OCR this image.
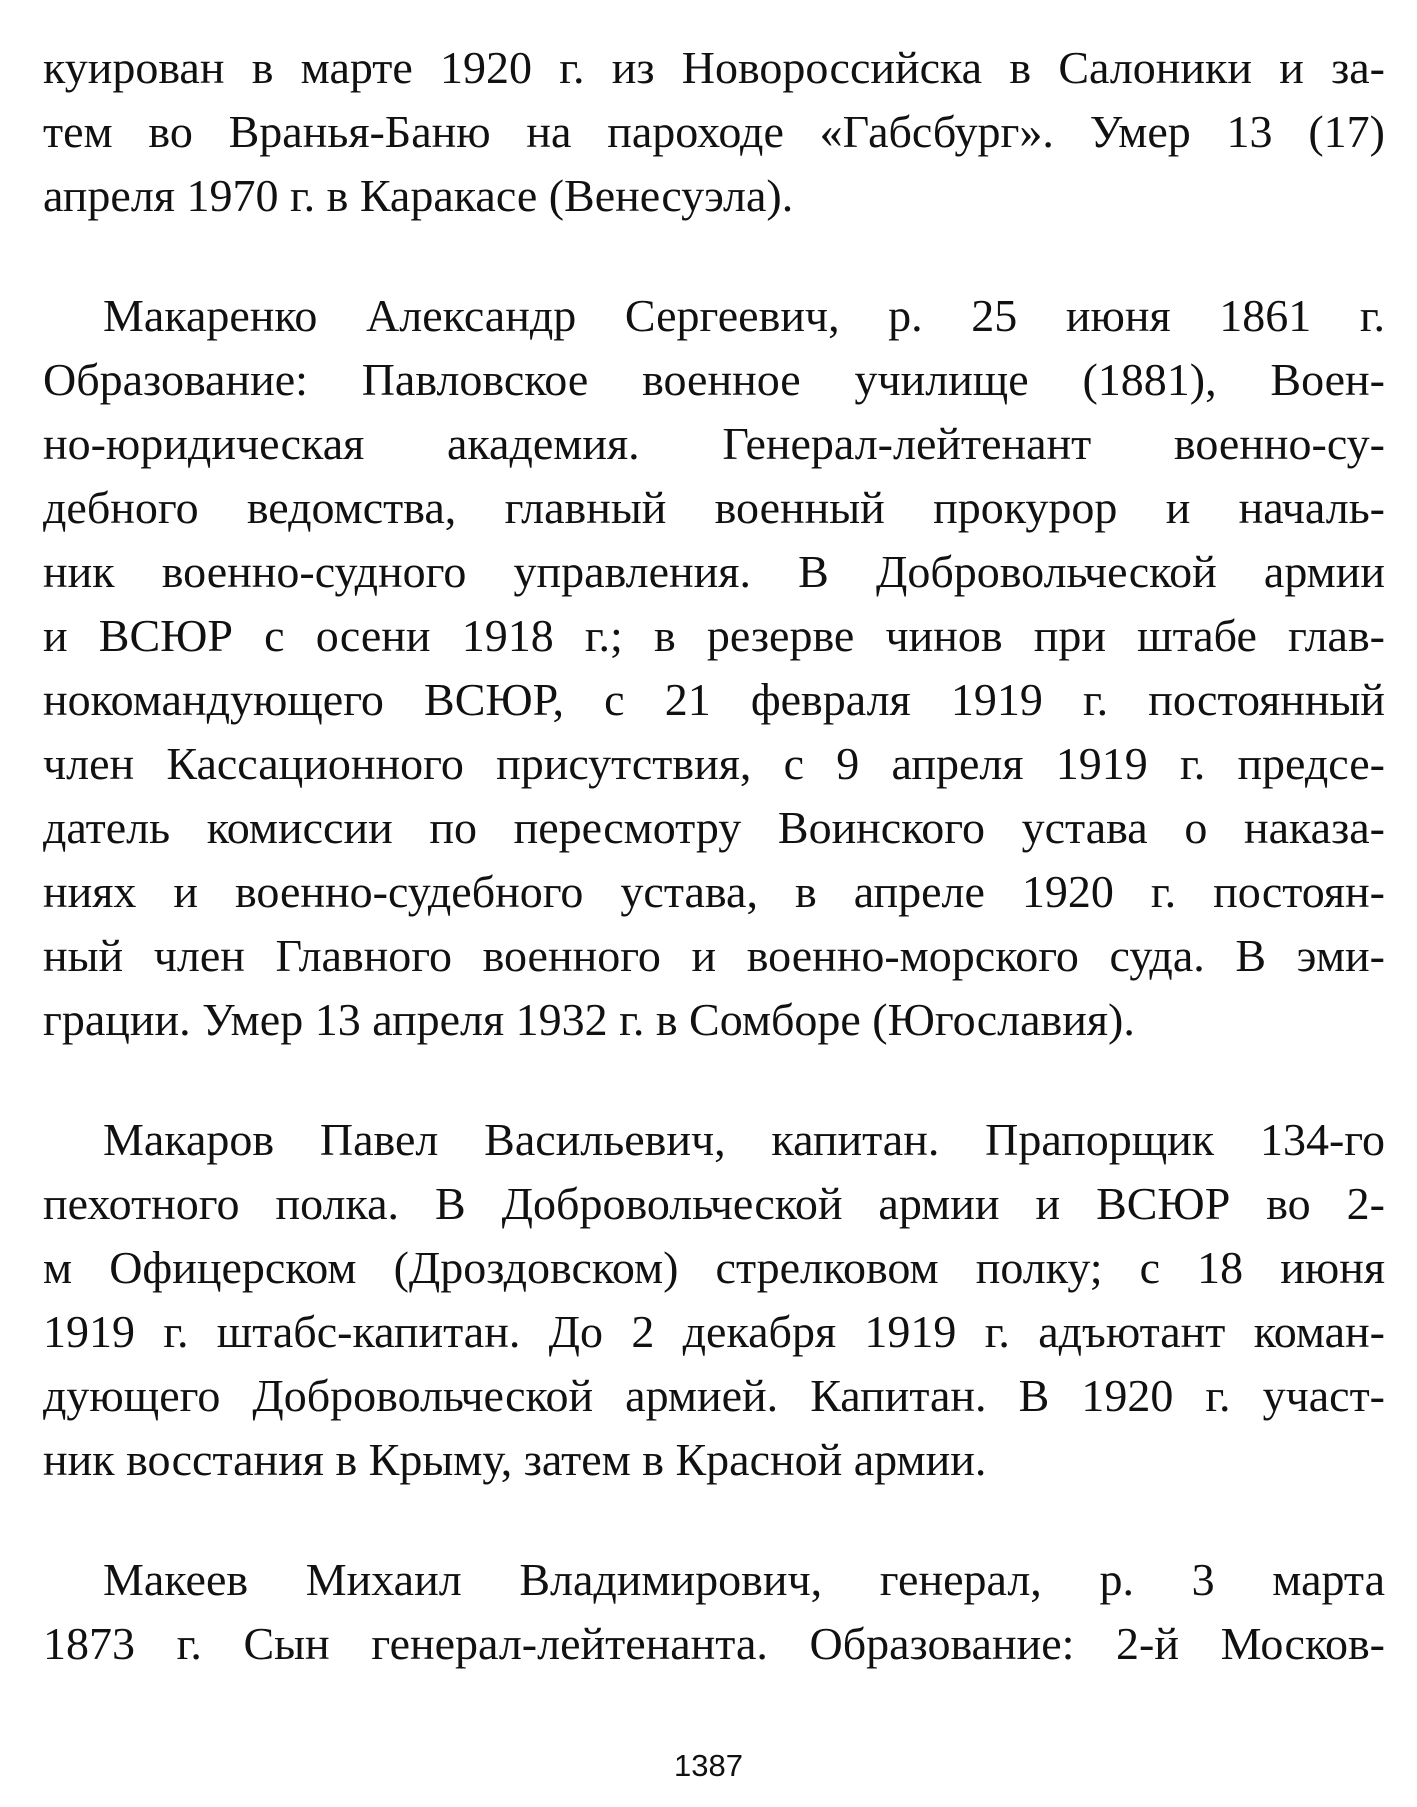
куирован в марте 1920 г. из Новороссийска в Салоники и за-
тем во Вранья-Баню на пароходе «Габсбург». Умер 13 (17)
апреля 1970 г. в Каракасе (Венесуэла).

Макаренко Александр Сергеевич, р. 25 июня 1861 г.
Образование: Павловское военное училище (1881), Воен-
но-юридическая академия. Генерал-лейтенант военно-су-
дебного ведомства, главный военный прокурор и началь-
ник военно-судного управления. В Добровольческой армии
и ВСЮР с осени 1918 г.; в резерве чинов при штабе глав-
нокомандующего ВСЮР, с 21 февраля 1919 г. постоянный
член Кассационного присутствия, с 9 апреля 1919 г. предсе-
датель комиссии по пересмотру Воинского устава о наказа-
ниях и военно-судебного устава, в апреле 1920 г. постоян-
ный член Главного военного и военно-морского суда. В эми-
грации. Умер 13 апреля 1932 г. в Сомборе (Югославия).

Макаров Павел Васильевич, капитан. Прапорщик 134-го
пехотного полка. В Добровольческой армии и ВСЮР во 2-
м Офицерском (Дроздовском) стрелковом полку; с 18 июня
1919 г. штабс-капитан. До 2 декабря 1919 г. адъютант коман-
дующего Добровольческой армией. Капитан. В 1920 г. участ-
ник восстания в Крыму, затем в Красной армии.

Макеев Михаил Владимирович, генерал, р. 3 марта
1873 г. Сын генерал-лейтенанта. Образование: 2-й Москов-

1387
